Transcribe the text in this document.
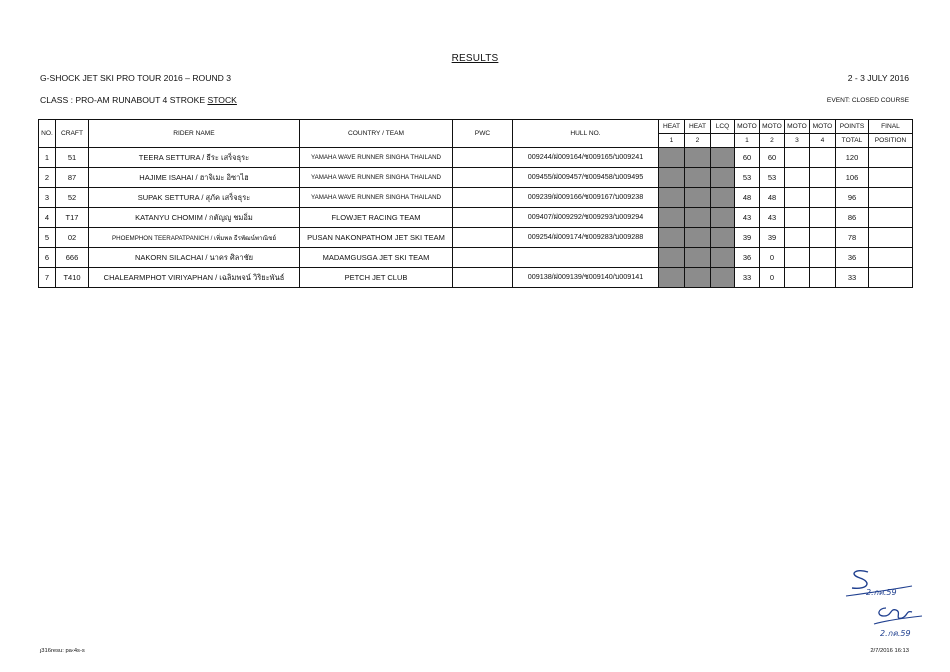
RESULTS
G-SHOCK JET SKI PRO TOUR 2016 – ROUND 3	2 - 3 JULY 2016
CLASS : PRO-AM RUNABOUT 4 STROKE STOCK	EVENT: CLOSED COURSE
NO.	CRAFT	RIDER NAME	COUNTRY / TEAM	PWC	HULL NO.	HEAT	HEAT	LCQ	MOTO	MOTO	MOTO	MOTO	POINTS	FINAL
						1	2		1	2	3	4	TOTAL	POSITION
1	51	TEERA SETTURA / ธีระ เสร็จธุระ	YAMAHA WAVE RUNNER SINGHA THAILAND		009244/ฝ009164/ช009165/บ009241				60	60			120	
2	87	HAJIME ISAHAI / ฮาจิเมะ อิซาไฮ	YAMAHA WAVE RUNNER SINGHA THAILAND		009455/ฝ009457/ช009458/บ009495				53	53			106	
3	52	SUPAK SETTURA / สุภัค เสร็จธุระ	YAMAHA WAVE RUNNER SINGHA THAILAND		009239/ฝ009166/ช009167/บ009238				48	48			96	
4	T17	KATANYU CHOMIM / กตัญญู ชมอิ่ม	FLOWJET RACING TEAM		009407/ฝ009292/ช009293/บ009294				43	43			86	
5	02	PHOEMPHON TEERAPATPANICH / เพิ่มพล ธีรพัฒน์พาณิชย์	PUSAN NAKONPATHOM JET SKI TEAM		009254/ฝ009174/ช009283/บ009288				39	39			78	
6	666	NAKORN SILACHAI / นาคร ศิลาชัย	MADAMGUSGA JET SKI TEAM						36	0			36	
7	T410	CHALEARMPHOT VIRIYAPHAN / เฉลิมพจน์ วิริยะพันธ์	PETCH JET CLUB		009138/ฝ009139/ช009140/บ009141				33	0			33	
2.กค.59
2.กค.59
ȷ316resu: pa‹4s-s	2/7/2016 16:13
